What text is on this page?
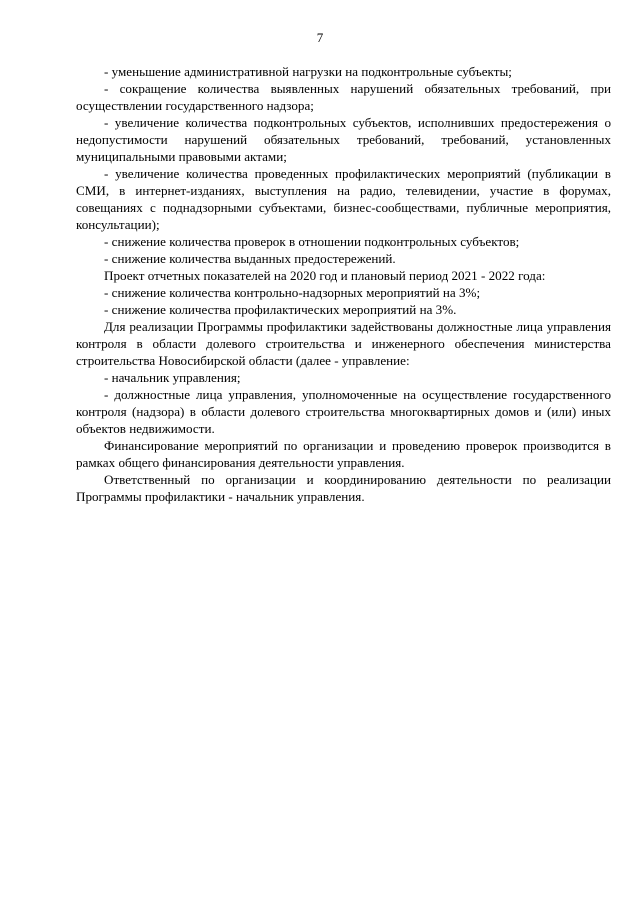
7

- уменьшение административной нагрузки на подконтрольные субъекты;

- сокращение количества выявленных нарушений обязательных требований, при осуществлении государственного надзора;

- увеличение количества подконтрольных субъектов, исполнивших предостережения о недопустимости нарушений обязательных требований, требований, установленных муниципальными правовыми актами;

- увеличение количества проведенных профилактических мероприятий (публикации в СМИ, в интернет-изданиях, выступления на радио, телевидении, участие в форумах, совещаниях с поднадзорными субъектами, бизнес-сообществами, публичные мероприятия, консультации);

- снижение количества проверок в отношении подконтрольных субъектов;

- снижение количества выданных предостережений.

Проект отчетных показателей на 2020 год и плановый период 2021 - 2022 года:

- снижение количества контрольно-надзорных мероприятий на 3%;

- снижение количества профилактических мероприятий на 3%.

Для реализации Программы профилактики задействованы должностные лица управления контроля в области долевого строительства и инженерного обеспечения министерства строительства Новосибирской области (далее - управление:

- начальник управления;

- должностные лица управления, уполномоченные на осуществление государственного контроля (надзора) в области долевого строительства многоквартирных домов и (или) иных объектов недвижимости.

Финансирование мероприятий по организации и проведению проверок производится в рамках общего финансирования деятельности управления.

Ответственный по организации и координированию деятельности по реализации Программы профилактики - начальник управления.
